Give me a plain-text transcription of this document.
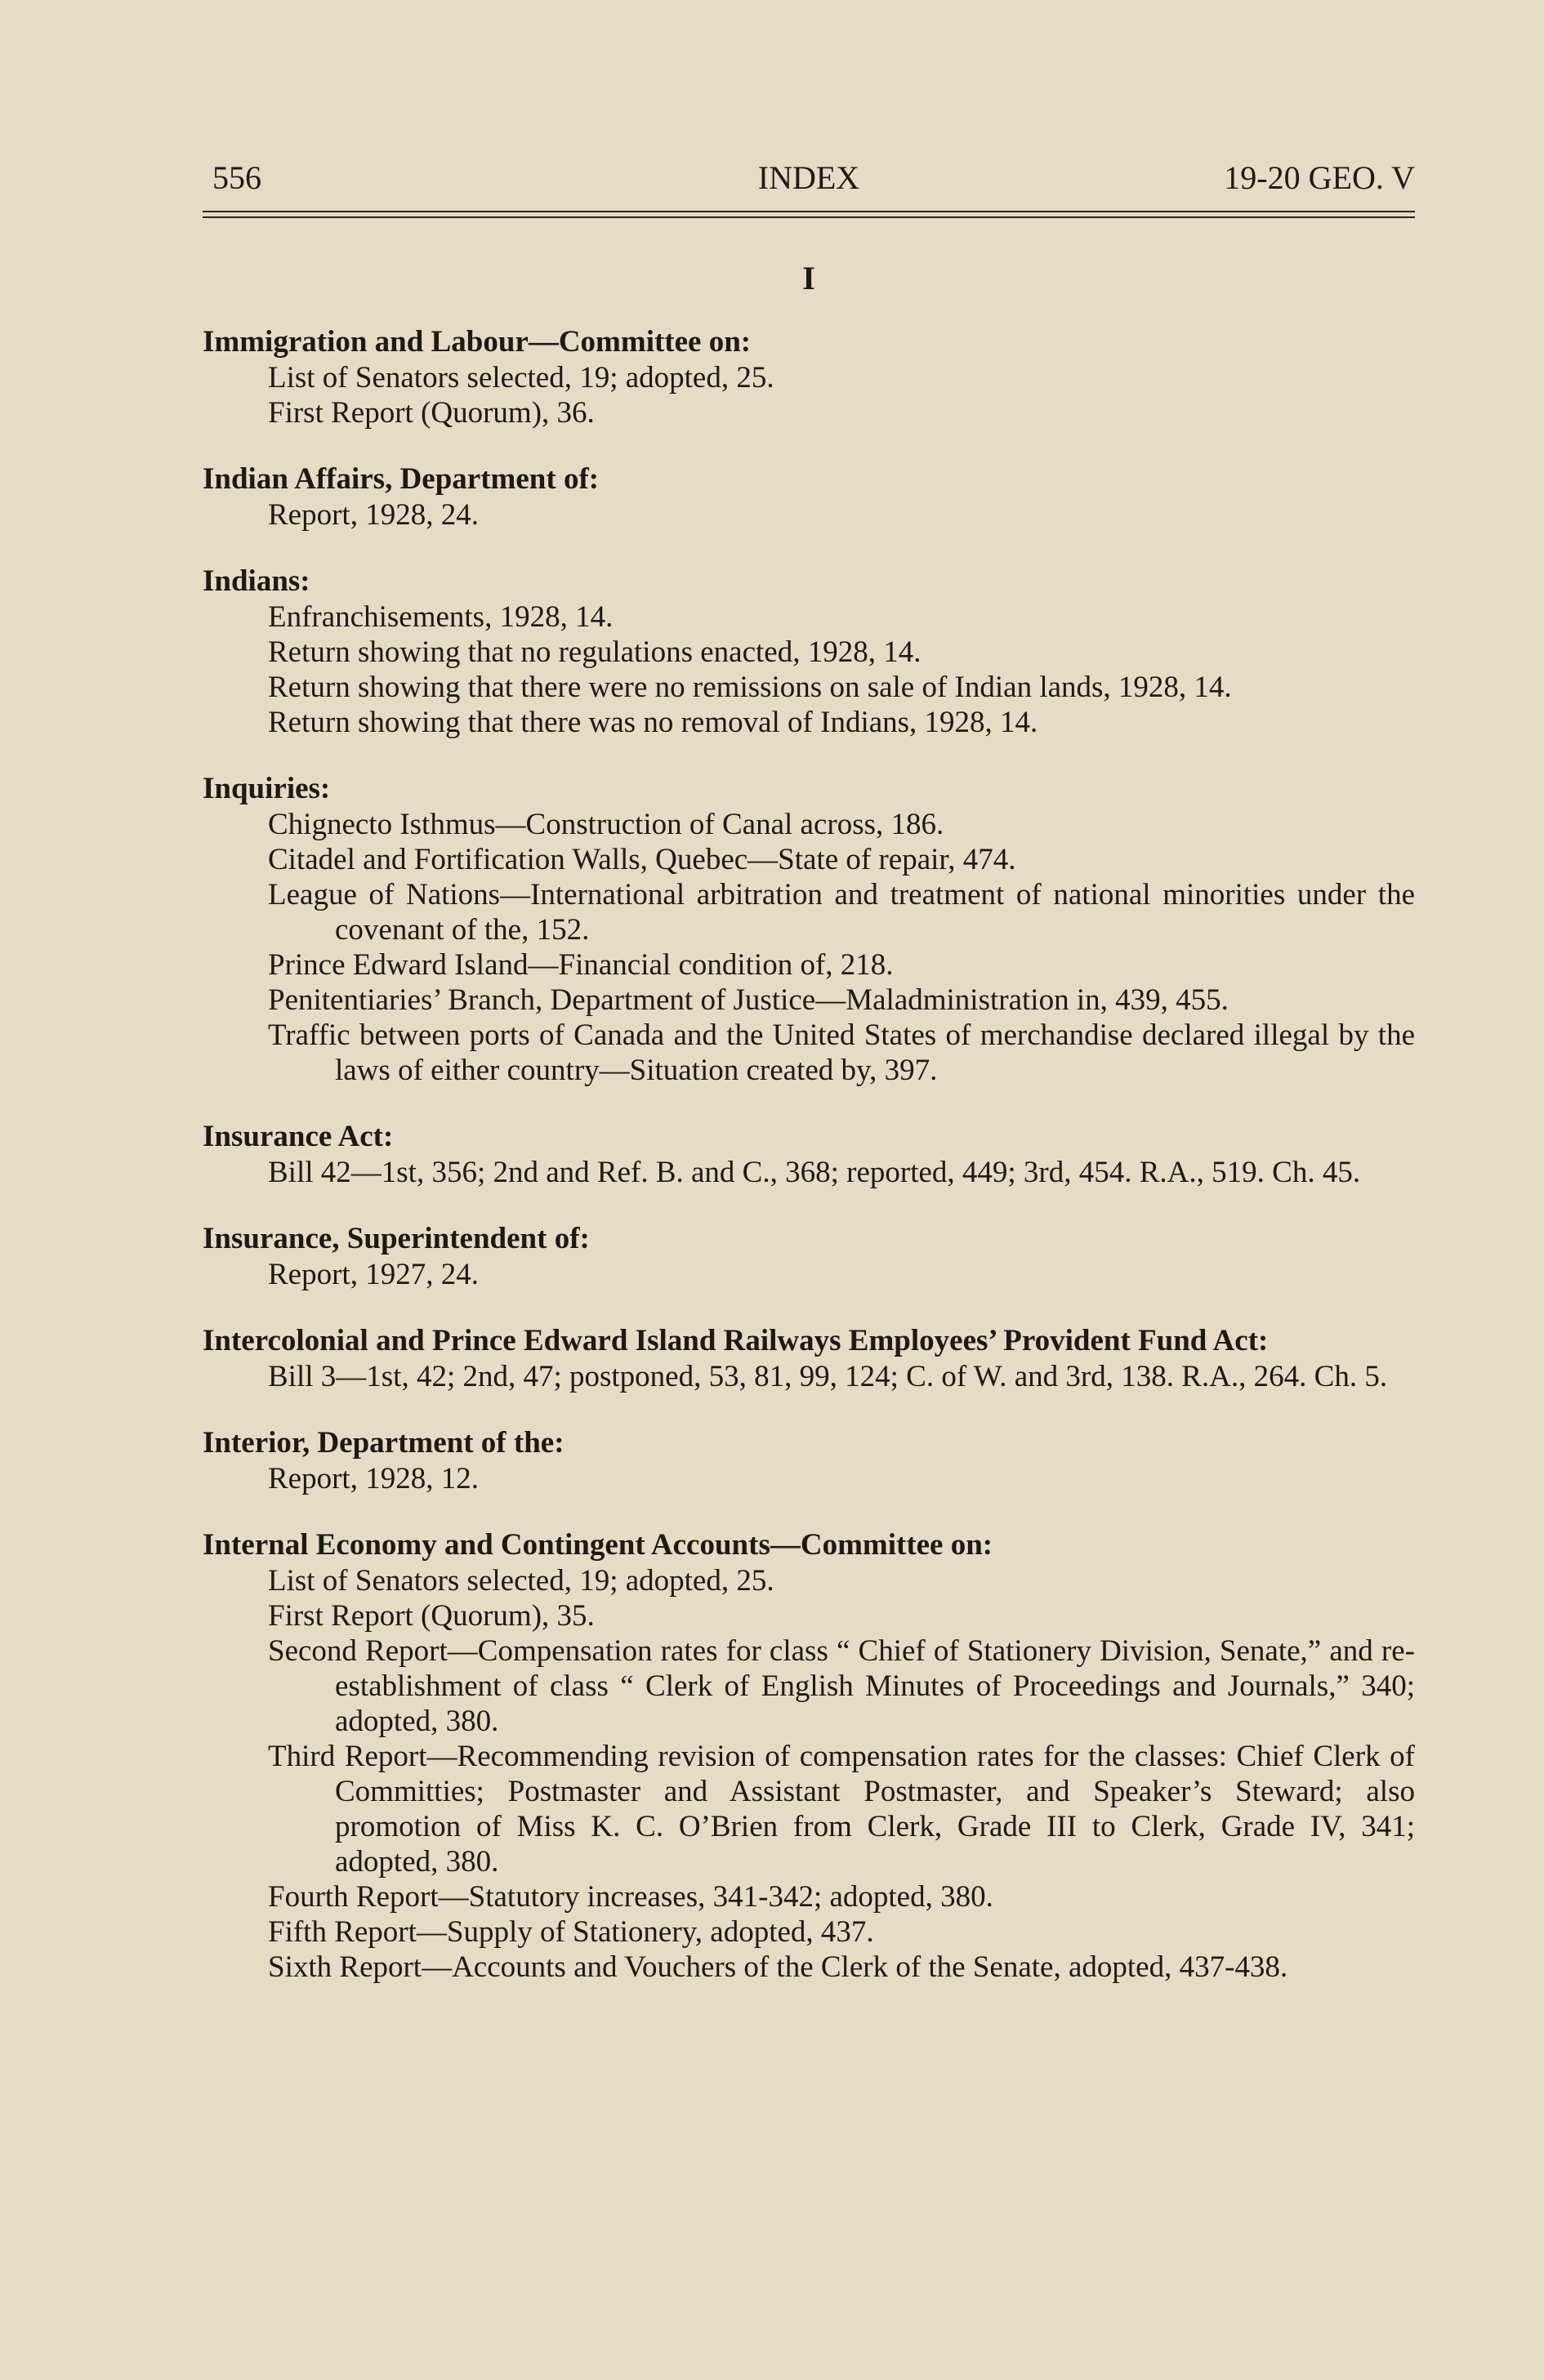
556	INDEX	19-20 GEO. V
I
Immigration and Labour—Committee on:
List of Senators selected, 19; adopted, 25.
First Report (Quorum), 36.
Indian Affairs, Department of:
Report, 1928, 24.
Indians:
Enfranchisements, 1928, 14.
Return showing that no regulations enacted, 1928, 14.
Return showing that there were no remissions on sale of Indian lands, 1928, 14.
Return showing that there was no removal of Indians, 1928, 14.
Inquiries:
Chignecto Isthmus—Construction of Canal across, 186.
Citadel and Fortification Walls, Quebec—State of repair, 474.
League of Nations—International arbitration and treatment of national minorities under the covenant of the, 152.
Prince Edward Island—Financial condition of, 218.
Penitentiaries’ Branch, Department of Justice—Maladministration in, 439, 455.
Traffic between ports of Canada and the United States of merchandise declared illegal by the laws of either country—Situation created by, 397.
Insurance Act:
Bill 42—1st, 356; 2nd and Ref. B. and C., 368; reported, 449; 3rd, 454. R.A., 519. Ch. 45.
Insurance, Superintendent of:
Report, 1927, 24.
Intercolonial and Prince Edward Island Railways Employees’ Provident Fund Act:
Bill 3—1st, 42; 2nd, 47; postponed, 53, 81, 99, 124; C. of W. and 3rd, 138. R.A., 264. Ch. 5.
Interior, Department of the:
Report, 1928, 12.
Internal Economy and Contingent Accounts—Committee on:
List of Senators selected, 19; adopted, 25.
First Report (Quorum), 35.
Second Report—Compensation rates for class “ Chief of Stationery Division, Senate,” and re-establishment of class “ Clerk of English Minutes of Proceedings and Journals,” 340; adopted, 380.
Third Report—Recommending revision of compensation rates for the classes: Chief Clerk of Committies; Postmaster and Assistant Postmaster, and Speaker’s Steward; also promotion of Miss K. C. O’Brien from Clerk, Grade III to Clerk, Grade IV, 341; adopted, 380.
Fourth Report—Statutory increases, 341-342; adopted, 380.
Fifth Report—Supply of Stationery, adopted, 437.
Sixth Report—Accounts and Vouchers of the Clerk of the Senate, adopted, 437-438.
